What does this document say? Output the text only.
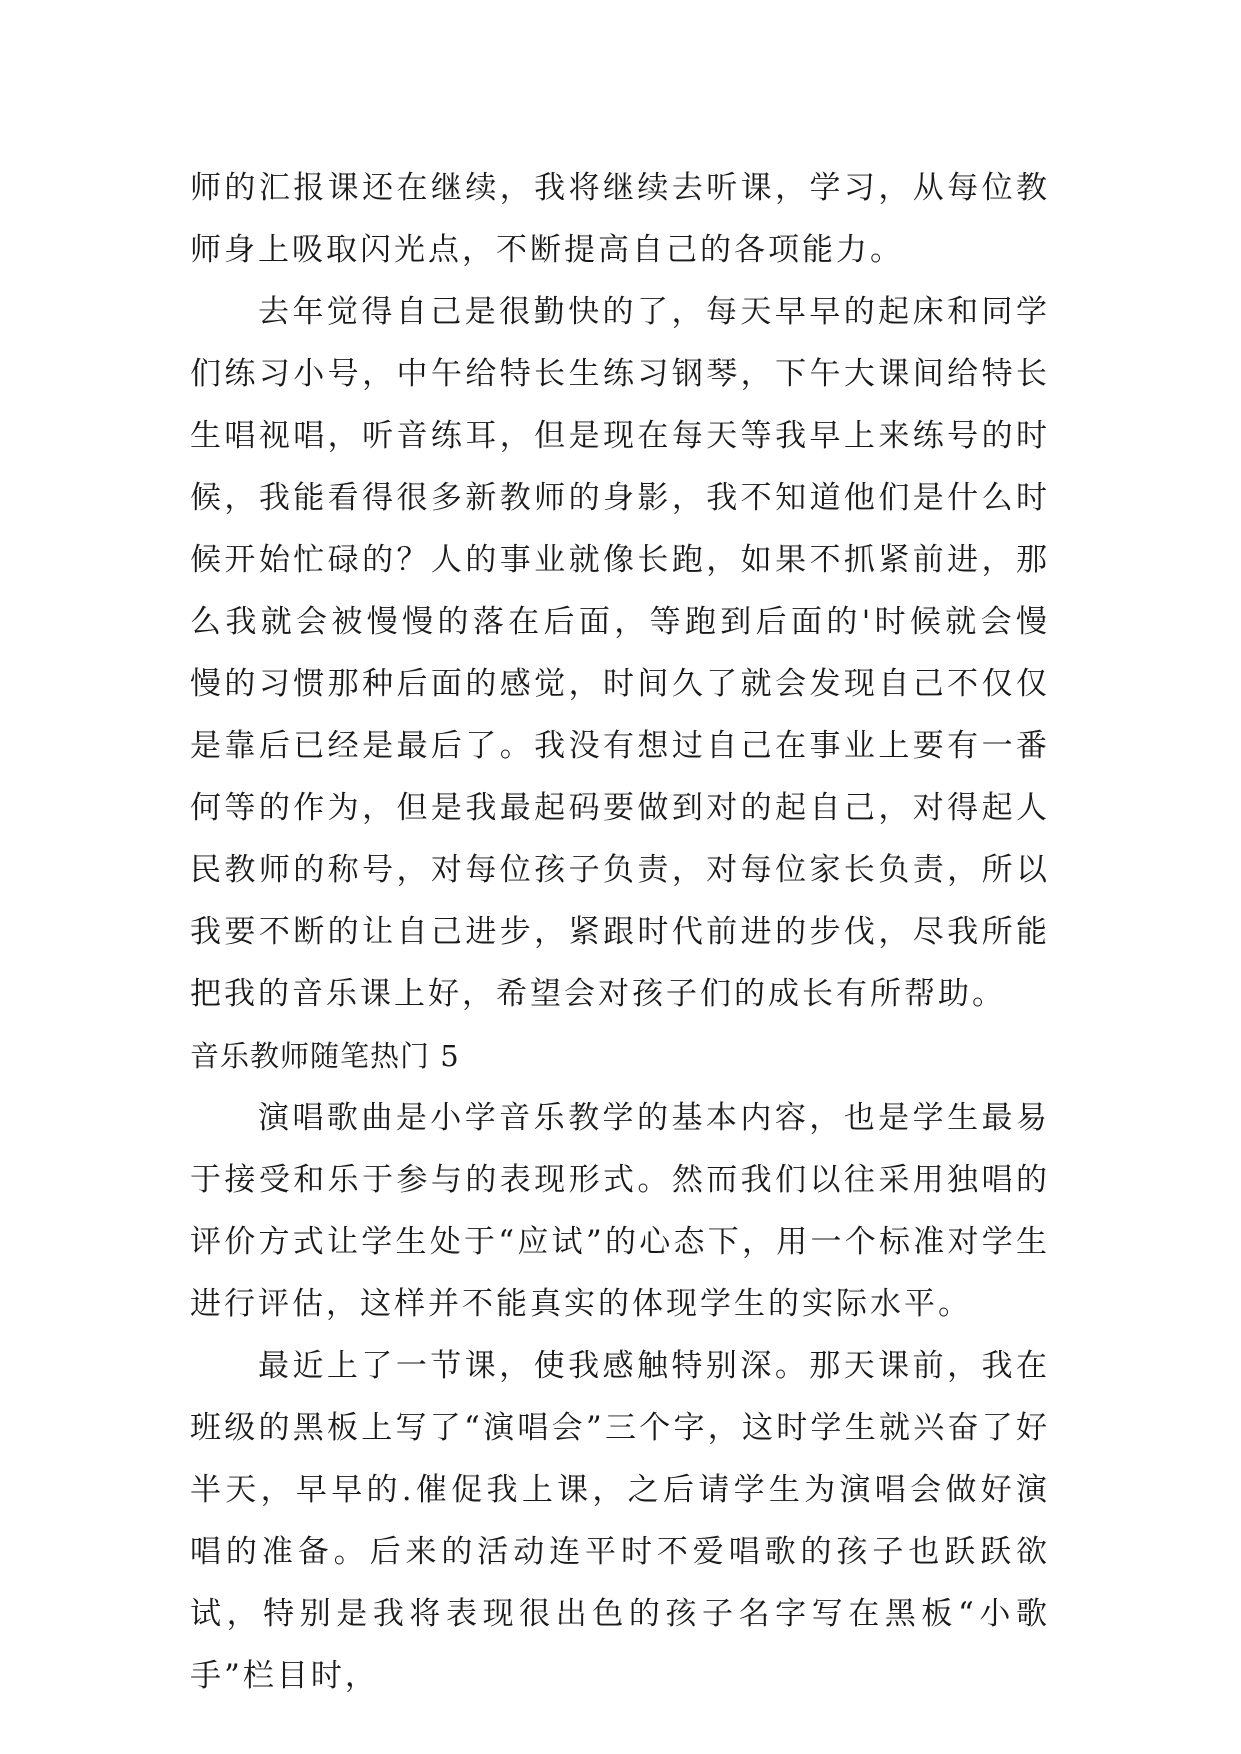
师的汇报课还在继续，我将继续去听课，学习，从每位教师身上吸取闪光点，不断提高自己的各项能力。

去年觉得自己是很勤快的了，每天早早的起床和同学们练习小号，中午给特长生练习钢琴，下午大课间给特长生唱视唱，听音练耳，但是现在每天等我早上来练号的时候，我能看得很多新教师的身影，我不知道他们是什么时候开始忙碌的？人的事业就像长跑，如果不抓紧前进，那么我就会被慢慢的落在后面，等跑到后面的'时候就会慢慢的习惯那种后面的感觉，时间久了就会发现自己不仅仅是靠后已经是最后了。我没有想过自己在事业上要有一番何等的作为，但是我最起码要做到对的起自己，对得起人民教师的称号，对每位孩子负责，对每位家长负责，所以我要不断的让自己进步，紧跟时代前进的步伐，尽我所能把我的音乐课上好，希望会对孩子们的成长有所帮助。

音乐教师随笔热门 5

演唱歌曲是小学音乐教学的基本内容，也是学生最易于接受和乐于参与的表现形式。然而我们以往采用独唱的评价方式让学生处于“应试”的心态下，用一个标准对学生进行评估，这样并不能真实的体现学生的实际水平。

最近上了一节课，使我感触特别深。那天课前，我在班级的黑板上写了“演唱会”三个字，这时学生就兴奋了好半天，早早的.催促我上课，之后请学生为演唱会做好演唱的准备。后来的活动连平时不爱唱歌的孩子也跃跃欲试，特别是我将表现很出色的孩子名字写在黑板“小歌手”栏目时，
